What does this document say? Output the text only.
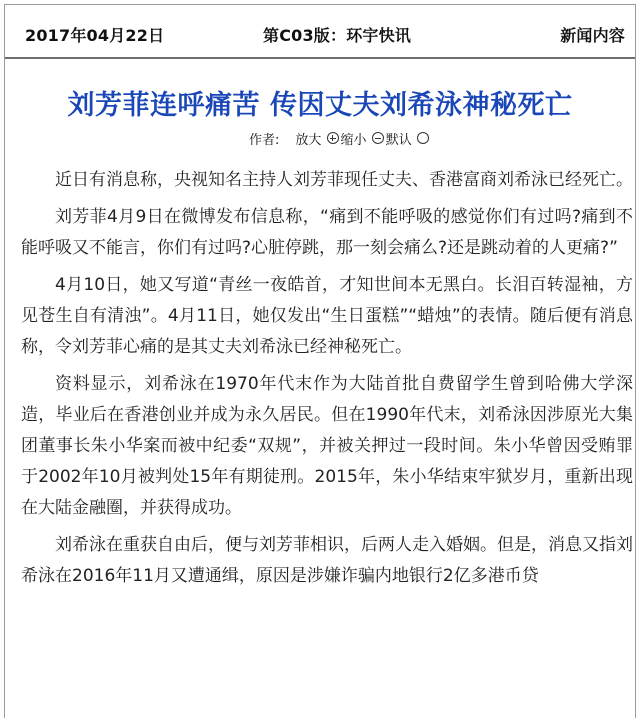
2017年04月22日	第C03版：环宇快讯	新闻内容
刘芳菲连呼痛苦 传因丈夫刘希泳神秘死亡
作者: 放大	缩小	默认

近日有消息称，央视知名主持人刘芳菲现任丈夫、香港富商刘希泳已经死亡。

刘芳菲4月9日在微博发布信息称，“痛到不能呼吸的感觉你们有过吗?痛到不能呼吸又不能言，你们有过吗?心脏停跳，那一刻会痛么?还是跳动着的人更痛?”

4月10日，她又写道“青丝一夜皓首，才知世间本无黑白。长泪百转湿袖，方见苍生自有清浊”。4月11日，她仅发出“生日蛋糕”“蜡烛”的表情。随后便有消息称，令刘芳菲心痛的是其丈夫刘希泳已经神秘死亡。

资料显示，刘希泳在1970年代末作为大陆首批自费留学生曾到哈佛大学深造，毕业后在香港创业并成为永久居民。但在1990年代末，刘希泳因涉原光大集团董事长朱小华案而被中纪委“双规”，并被关押过一段时间。朱小华曾因受贿罪于2002年10月被判处15年有期徒刑。2015年，朱小华结束牢狱岁月，重新出现在大陆金融圈，并获得成功。

刘希泳在重获自由后，便与刘芳菲相识，后两人走入婚姻。但是，消息又指刘希泳在2016年11月又遭通缉，原因是涉嫌诈骗内地银行2亿多港币贷
